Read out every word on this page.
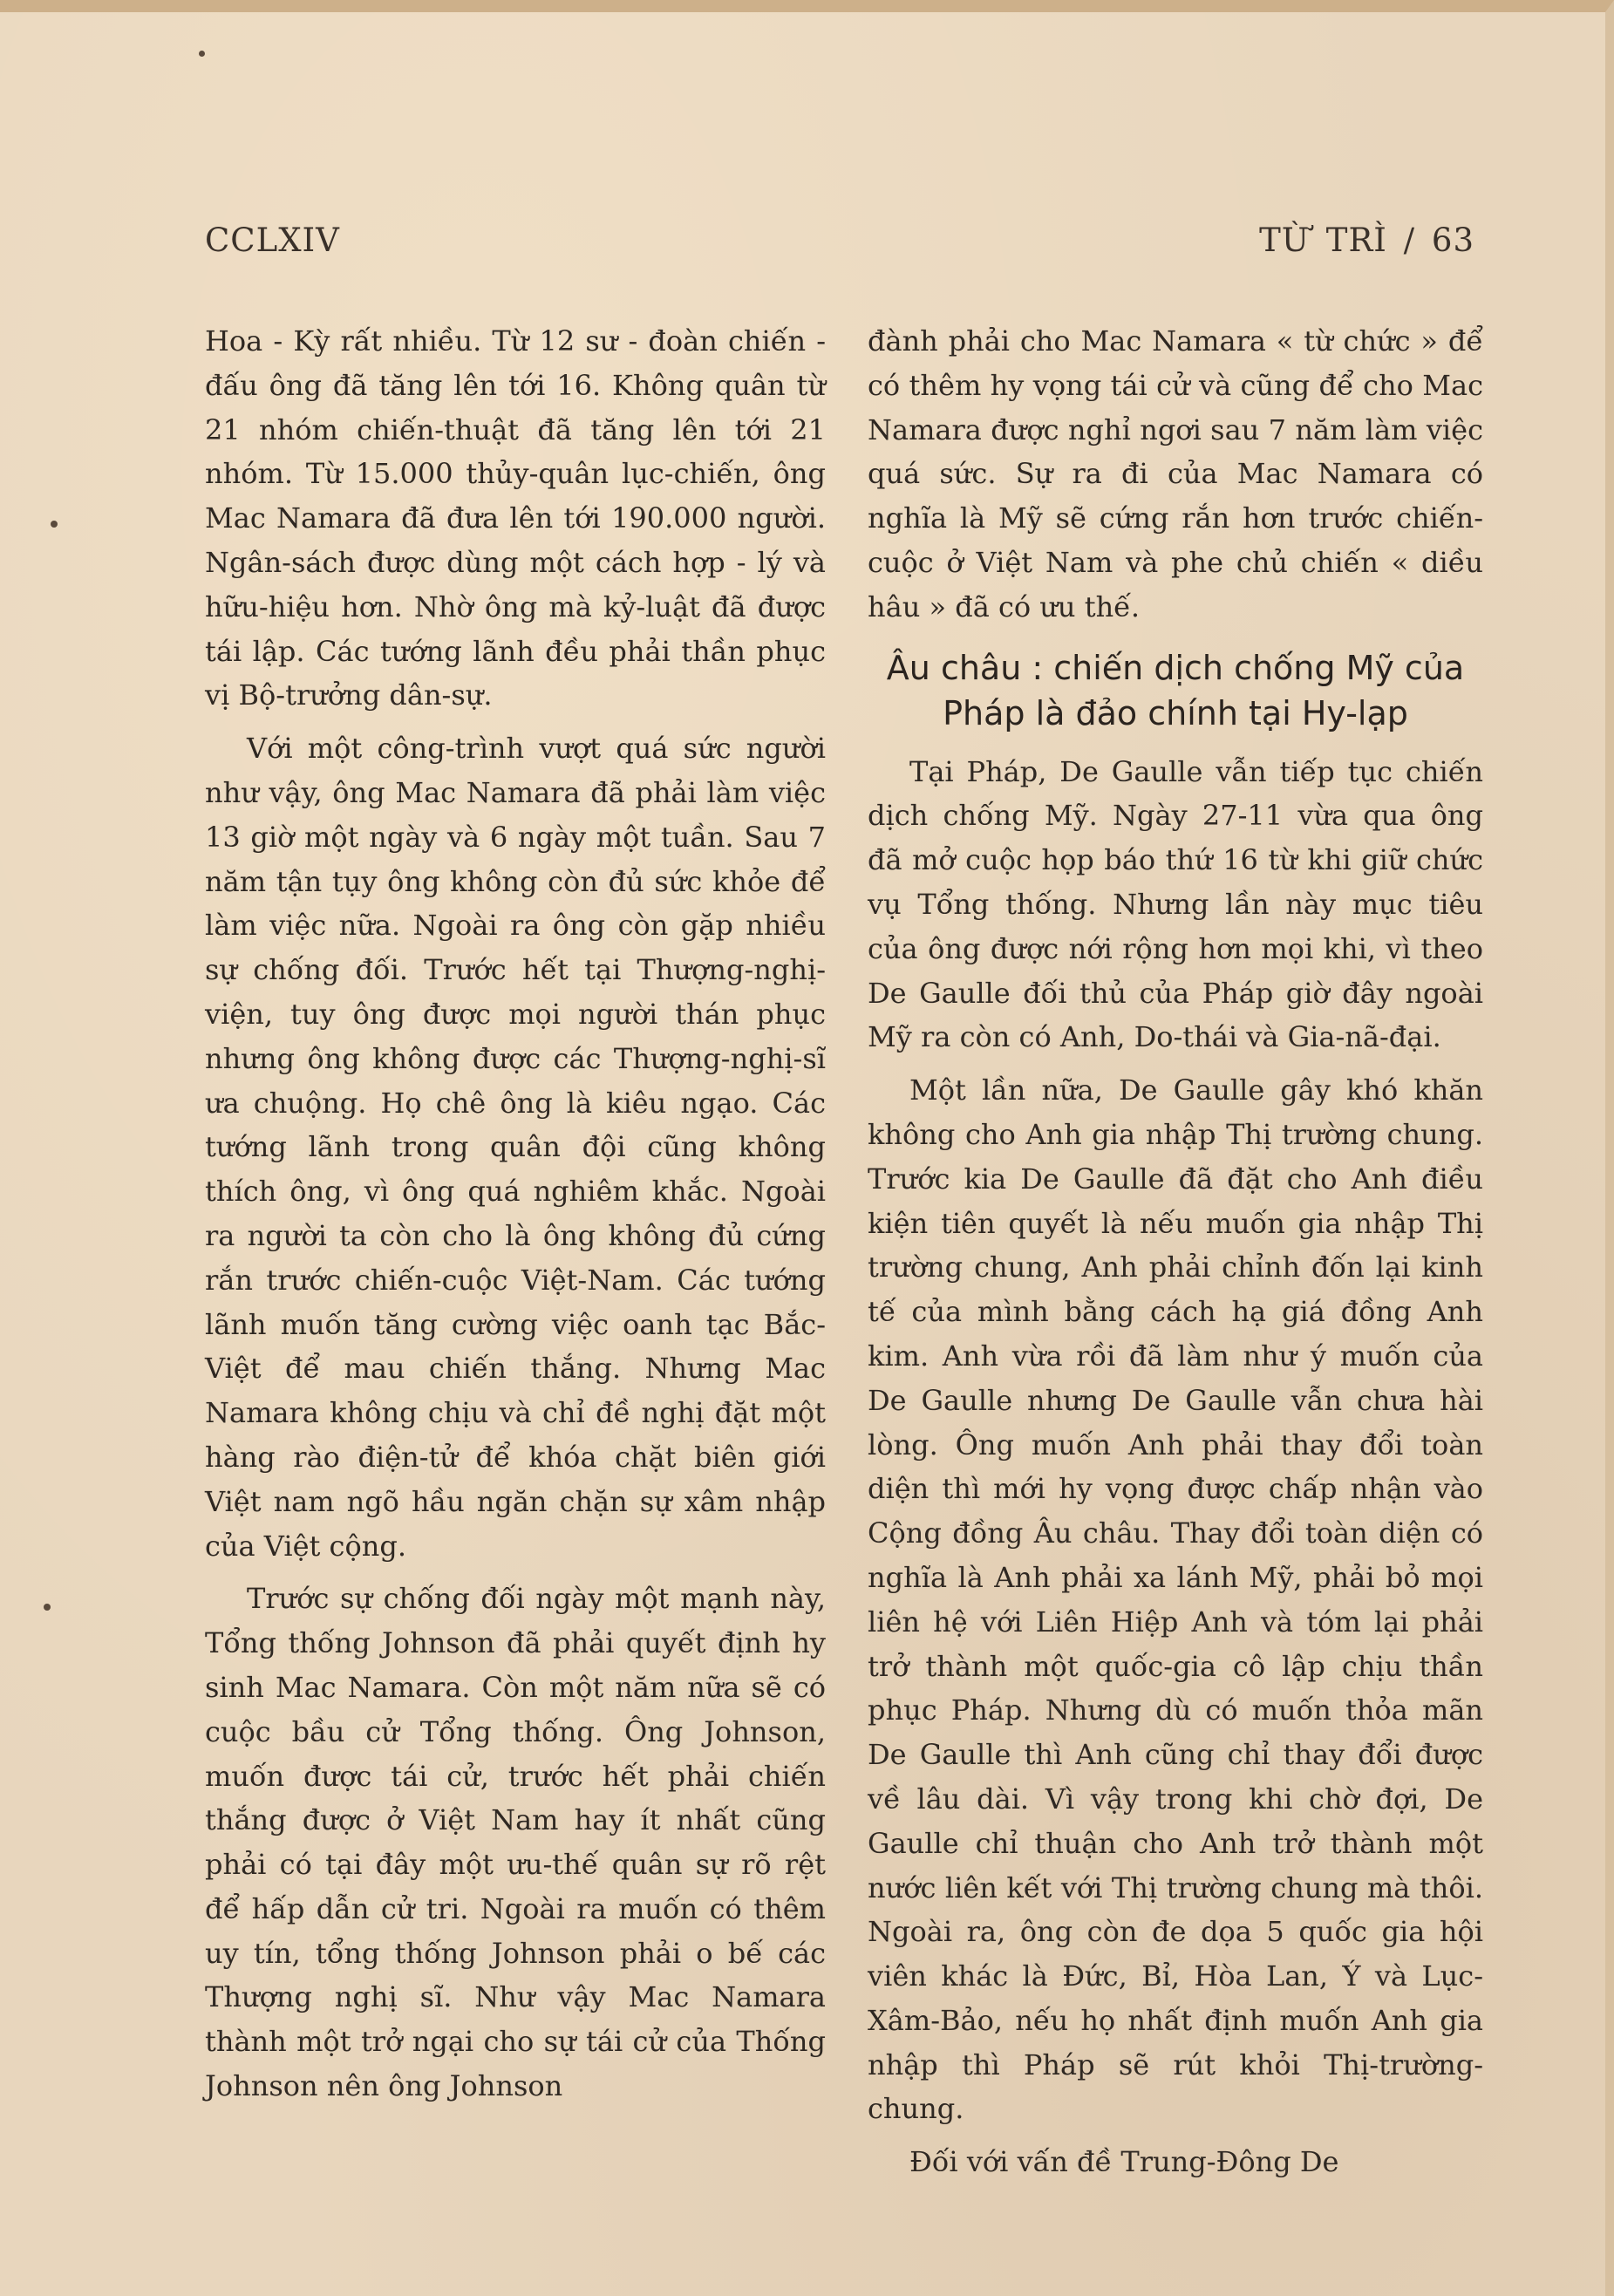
CCLXIV	TỪ TRÌ / 63

Hoa - Kỳ rất nhiều. Từ 12 sư - đoàn chiến - đấu ông đã tăng lên tới 16. Không quân từ 21 nhóm chiến-thuật đã tăng lên tới 21 nhóm. Từ 15.000 thủy-quân lục-chiến, ông Mac Namara đã đưa lên tới 190.000 người. Ngân-sách được dùng một cách hợp - lý và hữu-hiệu hơn. Nhờ ông mà kỷ-luật đã được tái lập. Các tướng lãnh đều phải thần phục vị Bộ-trưởng dân-sự.

Với một công-trình vượt quá sức người như vậy, ông Mac Namara đã phải làm việc 13 giờ một ngày và 6 ngày một tuần. Sau 7 năm tận tụy ông không còn đủ sức khỏe để làm việc nữa. Ngoài ra ông còn gặp nhiều sự chống đối. Trước hết tại Thượng-nghị-viện, tuy ông được mọi người thán phục nhưng ông không được các Thượng-nghị-sĩ ưa chuộng. Họ chê ông là kiêu ngạo. Các tướng lãnh trong quân đội cũng không thích ông, vì ông quá nghiêm khắc. Ngoài ra người ta còn cho là ông không đủ cứng rắn trước chiến-cuộc Việt-Nam. Các tướng lãnh muốn tăng cường việc oanh tạc Bắc-Việt để mau chiến thắng. Nhưng Mac Namara không chịu và chỉ đề nghị đặt một hàng rào điện-tử để khóa chặt biên giới Việt nam ngõ hầu ngăn chặn sự xâm nhập của Việt cộng.

Trước sự chống đối ngày một mạnh này, Tổng thống Johnson đã phải quyết định hy sinh Mac Namara. Còn một năm nữa sẽ có cuộc bầu cử Tổng thống. Ông Johnson, muốn được tái cử, trước hết phải chiến thắng được ở Việt Nam hay ít nhất cũng phải có tại đây một ưu-thế quân sự rõ rệt để hấp dẫn cử tri. Ngoài ra muốn có thêm uy tín, tổng thống Johnson phải o bế các Thượng nghị sĩ. Như vậy Mac Namara thành một trở ngại cho sự tái cử của Thống Johnson nên ông Johnson

đành phải cho Mac Namara « từ chức » để có thêm hy vọng tái cử và cũng để cho Mac Namara được nghỉ ngơi sau 7 năm làm việc quá sức. Sự ra đi của Mac Namara có nghĩa là Mỹ sẽ cứng rắn hơn trước chiến-cuộc ở Việt Nam và phe chủ chiến « diều hâu » đã có ưu thế.

Âu châu : chiến dịch chống Mỹ của Pháp là đảo chính tại Hy-lạp

Tại Pháp, De Gaulle vẫn tiếp tục chiến dịch chống Mỹ. Ngày 27-11 vừa qua ông đã mở cuộc họp báo thứ 16 từ khi giữ chức vụ Tổng thống. Nhưng lần này mục tiêu của ông được nới rộng hơn mọi khi, vì theo De Gaulle đối thủ của Pháp giờ đây ngoài Mỹ ra còn có Anh, Do-thái và Gia-nã-đại.

Một lần nữa, De Gaulle gây khó khăn không cho Anh gia nhập Thị trường chung. Trước kia De Gaulle đã đặt cho Anh điều kiện tiên quyết là nếu muốn gia nhập Thị trường chung, Anh phải chỉnh đốn lại kinh tế của mình bằng cách hạ giá đồng Anh kim. Anh vừa rồi đã làm như ý muốn của De Gaulle nhưng De Gaulle vẫn chưa hài lòng. Ông muốn Anh phải thay đổi toàn diện thì mới hy vọng được chấp nhận vào Cộng đồng Âu châu. Thay đổi toàn diện có nghĩa là Anh phải xa lánh Mỹ, phải bỏ mọi liên hệ với Liên Hiệp Anh và tóm lại phải trở thành một quốc-gia cô lập chịu thần phục Pháp. Nhưng dù có muốn thỏa mãn De Gaulle thì Anh cũng chỉ thay đổi được về lâu dài. Vì vậy trong khi chờ đợi, De Gaulle chỉ thuận cho Anh trở thành một nước liên kết với Thị trường chung mà thôi. Ngoài ra, ông còn đe dọa 5 quốc gia hội viên khác là Đức, Bỉ, Hòa Lan, Ý và Lục-Xâm-Bảo, nếu họ nhất định muốn Anh gia nhập thì Pháp sẽ rút khỏi Thị-trường-chung.

Đối với vấn đề Trung-Đông De
